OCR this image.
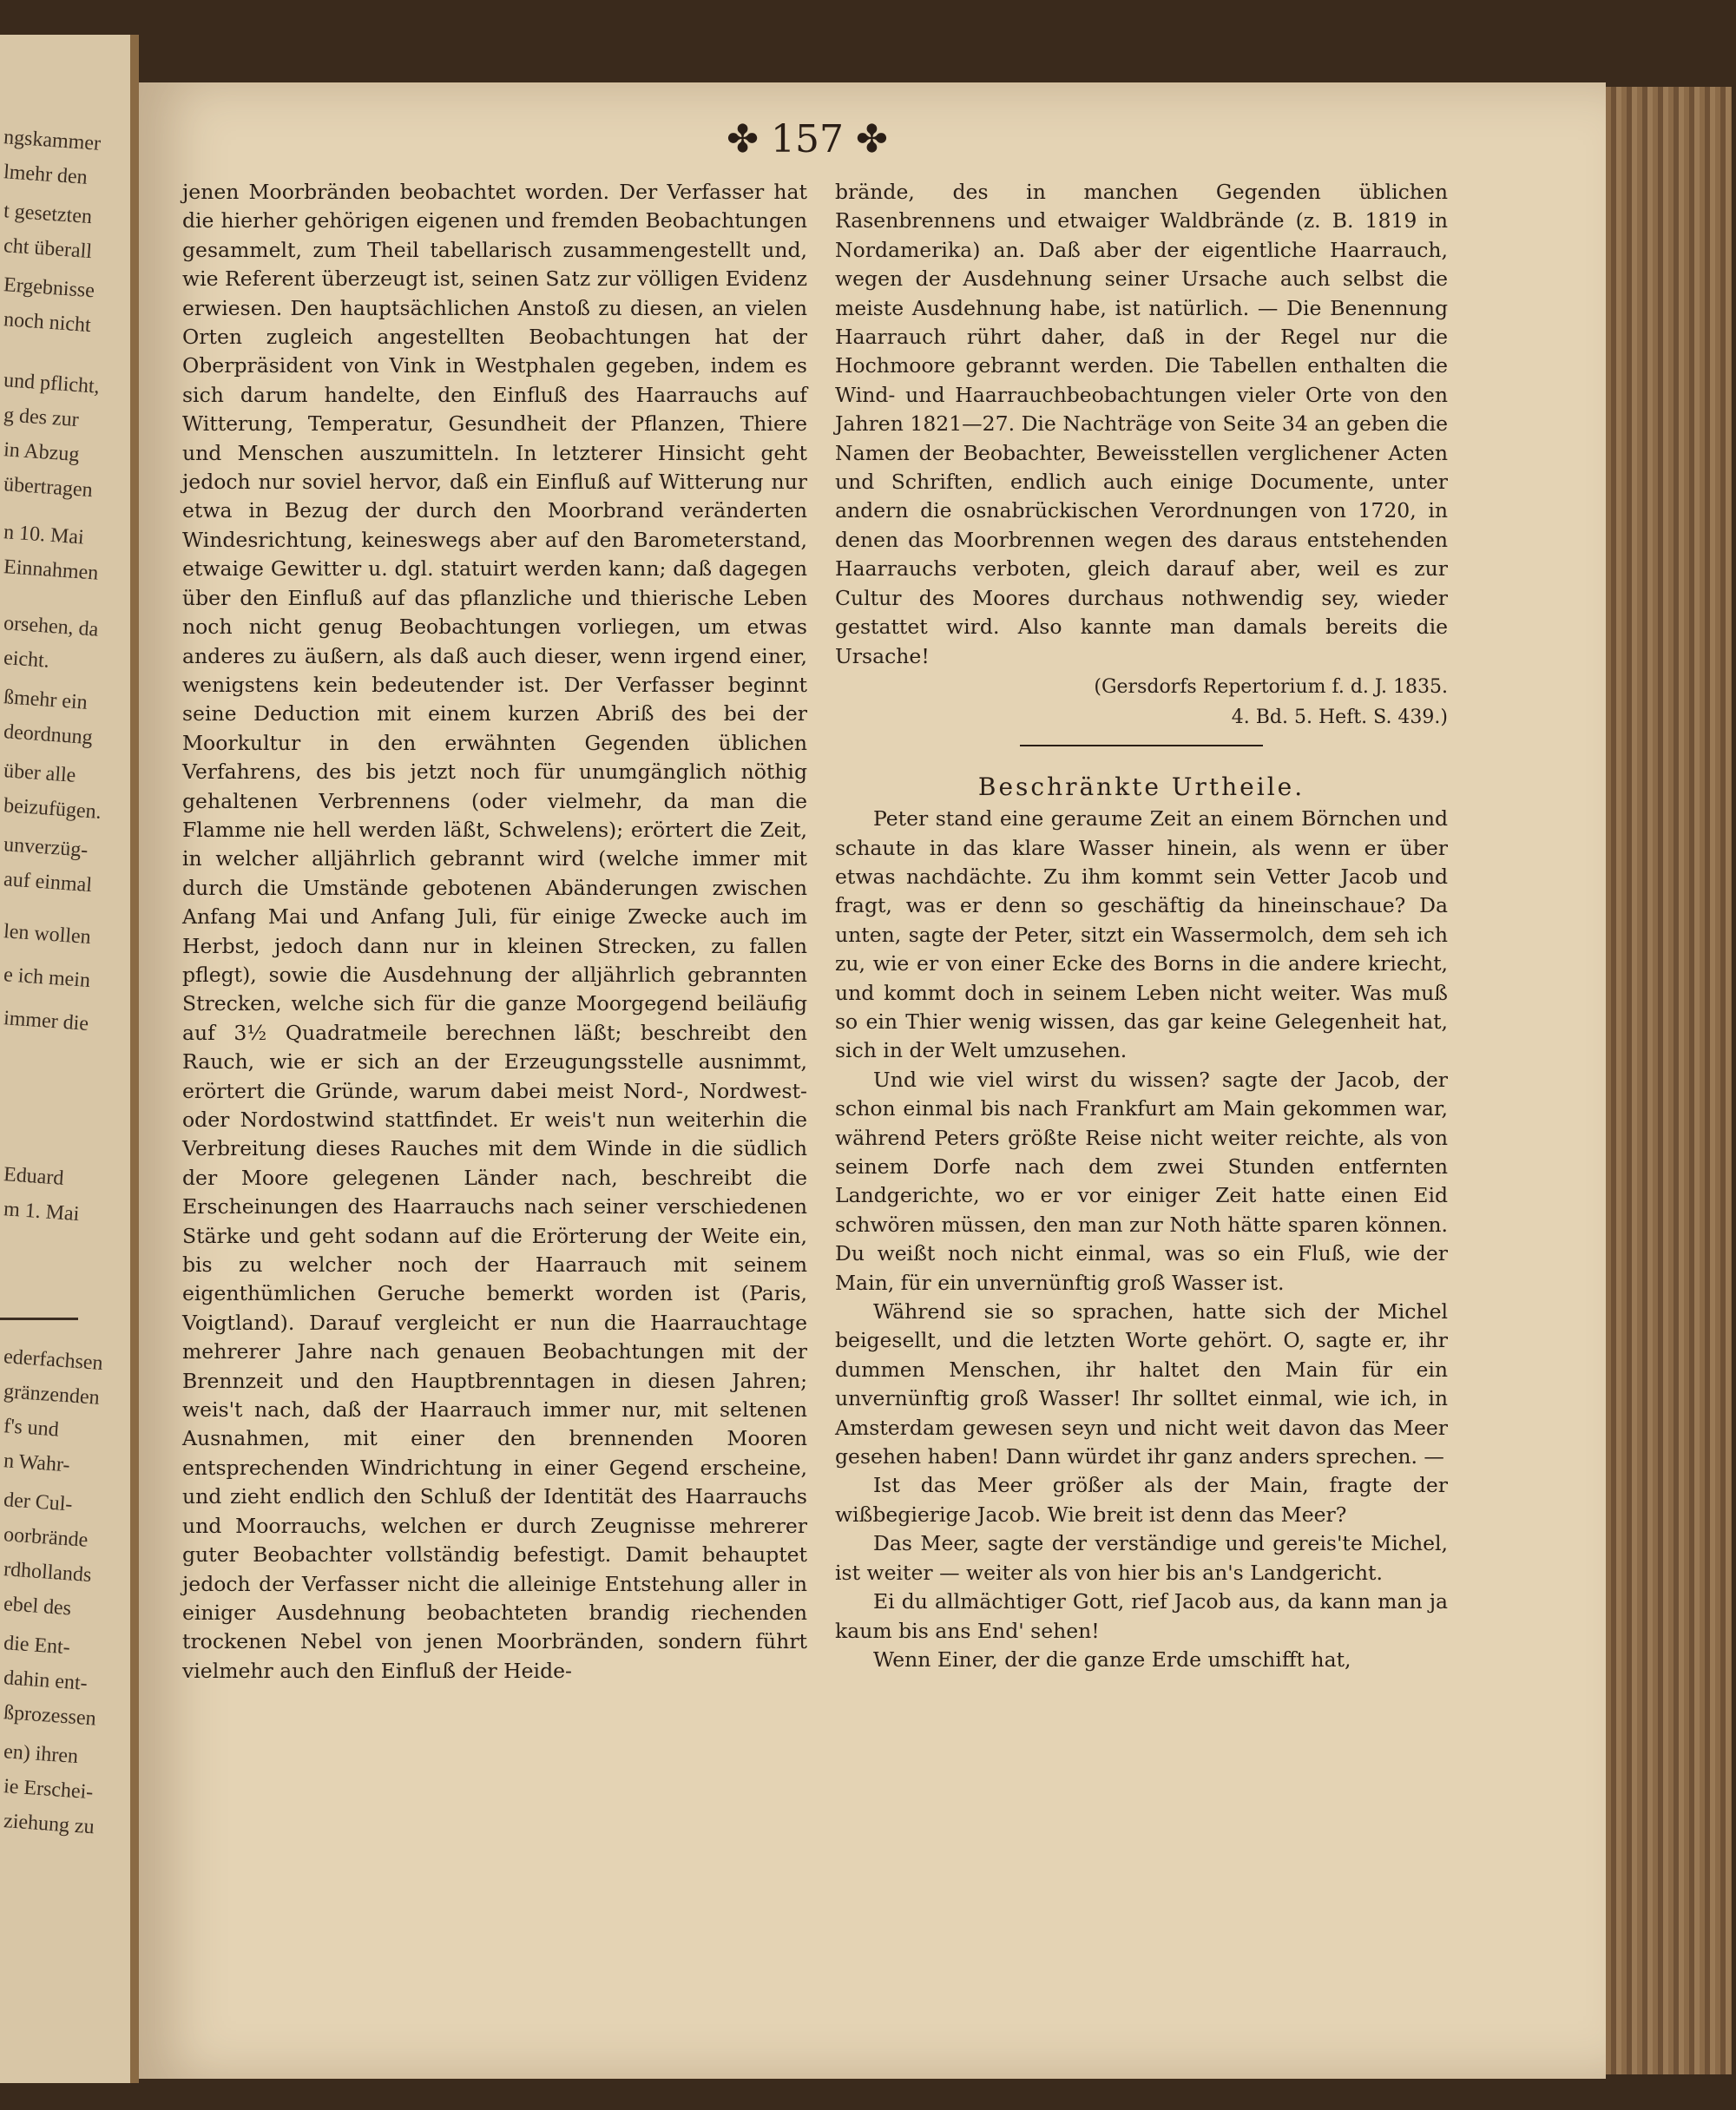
ngskammer
lmehr den
t gesetzten
cht überall
Ergebnisse
noch nicht
und pflicht,
g des zur
in Abzug
übertragen
n 10. Mai
Einnahmen
orsehen, da
eicht.
ßmehr ein
deordnung
über alle
beizufügen.
unverzüg-
auf einmal
len wollen
e ich mein
immer die
Eduard
m 1. Mai
ederfachsen
gränzenden
f's und
n Wahr-
der Cul-
oorbrände
rdhollands
ebel des
die Ent-
dahin ent-
ßprozessen
en) ihren
ie Erschei-
ziehung zu
✤ 157 ✤

jenen Moorbränden beobachtet worden. Der Verfasser hat die hierher gehörigen eigenen und fremden Beobachtungen gesammelt, zum Theil tabellarisch zusammengestellt und, wie Referent überzeugt ist, seinen Satz zur völligen Evidenz erwiesen. Den hauptsächlichen Anstoß zu diesen, an vielen Orten zugleich angestellten Beobachtungen hat der Oberpräsident von Vink in Westphalen gegeben, indem es sich darum handelte, den Einfluß des Haarrauchs auf Witterung, Temperatur, Gesundheit der Pflanzen, Thiere und Menschen auszumitteln. In letzterer Hinsicht geht jedoch nur soviel hervor, daß ein Einfluß auf Witterung nur etwa in Bezug der durch den Moorbrand veränderten Windesrichtung, keineswegs aber auf den Barometerstand, etwaige Gewitter u. dgl. statuirt werden kann; daß dagegen über den Einfluß auf das pflanzliche und thierische Leben noch nicht genug Beobachtungen vorliegen, um etwas anderes zu äußern, als daß auch dieser, wenn irgend einer, wenigstens kein bedeutender ist. Der Verfasser beginnt seine Deduction mit einem kurzen Abriß des bei der Moorkultur in den erwähnten Gegenden üblichen Verfahrens, des bis jetzt noch für unumgänglich nöthig gehaltenen Verbrennens (oder vielmehr, da man die Flamme nie hell werden läßt, Schwelens); erörtert die Zeit, in welcher alljährlich gebrannt wird (welche immer mit durch die Umstände gebotenen Abänderungen zwischen Anfang Mai und Anfang Juli, für einige Zwecke auch im Herbst, jedoch dann nur in kleinen Strecken, zu fallen pflegt), sowie die Ausdehnung der alljährlich gebrannten Strecken, welche sich für die ganze Moorgegend beiläufig auf 3½ Quadratmeile berechnen läßt; beschreibt den Rauch, wie er sich an der Erzeugungsstelle ausnimmt, erörtert die Gründe, warum dabei meist Nord-, Nordwest- oder Nordostwind stattfindet. Er weis't nun weiterhin die Verbreitung dieses Rauches mit dem Winde in die südlich der Moore gelegenen Länder nach, beschreibt die Erscheinungen des Haarrauchs nach seiner verschiedenen Stärke und geht sodann auf die Erörterung der Weite ein, bis zu welcher noch der Haarrauch mit seinem eigenthümlichen Geruche bemerkt worden ist (Paris, Voigtland). Darauf vergleicht er nun die Haarrauchtage mehrerer Jahre nach genauen Beobachtungen mit der Brennzeit und den Hauptbrenntagen in diesen Jahren; weis't nach, daß der Haarrauch immer nur, mit seltenen Ausnahmen, mit einer den brennenden Mooren entsprechenden Windrichtung in einer Gegend erscheine, und zieht endlich den Schluß der Identität des Haarrauchs und Moorrauchs, welchen er durch Zeugnisse mehrerer guter Beobachter vollständig befestigt. Damit behauptet jedoch der Verfasser nicht die alleinige Entstehung aller in einiger Ausdehnung beobachteten brandig riechenden trockenen Nebel von jenen Moorbränden, sondern führt vielmehr auch den Einfluß der Heide-

brände, des in manchen Gegenden üblichen Rasenbrennens und etwaiger Waldbrände (z. B. 1819 in Nordamerika) an. Daß aber der eigentliche Haarrauch, wegen der Ausdehnung seiner Ursache auch selbst die meiste Ausdehnung habe, ist natürlich. — Die Benennung Haarrauch rührt daher, daß in der Regel nur die Hochmoore gebrannt werden. Die Tabellen enthalten die Wind- und Haarrauchbeobachtungen vieler Orte von den Jahren 1821—27. Die Nachträge von Seite 34 an geben die Namen der Beobachter, Beweisstellen verglichener Acten und Schriften, endlich auch einige Documente, unter andern die osnabrückischen Verordnungen von 1720, in denen das Moorbrennen wegen des daraus entstehenden Haarrauchs verboten, gleich darauf aber, weil es zur Cultur des Moores durchaus nothwendig sey, wieder gestattet wird. Also kannte man damals bereits die Ursache!

(Gersdorfs Repertorium f. d. J. 1835.

4. Bd. 5. Heft. S. 439.)

Beschränkte Urtheile.

Peter stand eine geraume Zeit an einem Börnchen und schaute in das klare Wasser hinein, als wenn er über etwas nachdächte. Zu ihm kommt sein Vetter Jacob und fragt, was er denn so geschäftig da hineinschaue? Da unten, sagte der Peter, sitzt ein Wassermolch, dem seh ich zu, wie er von einer Ecke des Borns in die andere kriecht, und kommt doch in seinem Leben nicht weiter. Was muß so ein Thier wenig wissen, das gar keine Gelegenheit hat, sich in der Welt umzusehen.

Und wie viel wirst du wissen? sagte der Jacob, der schon einmal bis nach Frankfurt am Main gekommen war, während Peters größte Reise nicht weiter reichte, als von seinem Dorfe nach dem zwei Stunden entfernten Landgerichte, wo er vor einiger Zeit hatte einen Eid schwören müssen, den man zur Noth hätte sparen können. Du weißt noch nicht einmal, was so ein Fluß, wie der Main, für ein unvernünftig groß Wasser ist.

Während sie so sprachen, hatte sich der Michel beigesellt, und die letzten Worte gehört. O, sagte er, ihr dummen Menschen, ihr haltet den Main für ein unvernünftig groß Wasser! Ihr solltet einmal, wie ich, in Amsterdam gewesen seyn und nicht weit davon das Meer gesehen haben! Dann würdet ihr ganz anders sprechen. —

Ist das Meer größer als der Main, fragte der wißbegierige Jacob. Wie breit ist denn das Meer?

Das Meer, sagte der verständige und gereis'te Michel, ist weiter — weiter als von hier bis an's Landgericht.

Ei du allmächtiger Gott, rief Jacob aus, da kann man ja kaum bis ans End' sehen!

Wenn Einer, der die ganze Erde umschifft hat,
